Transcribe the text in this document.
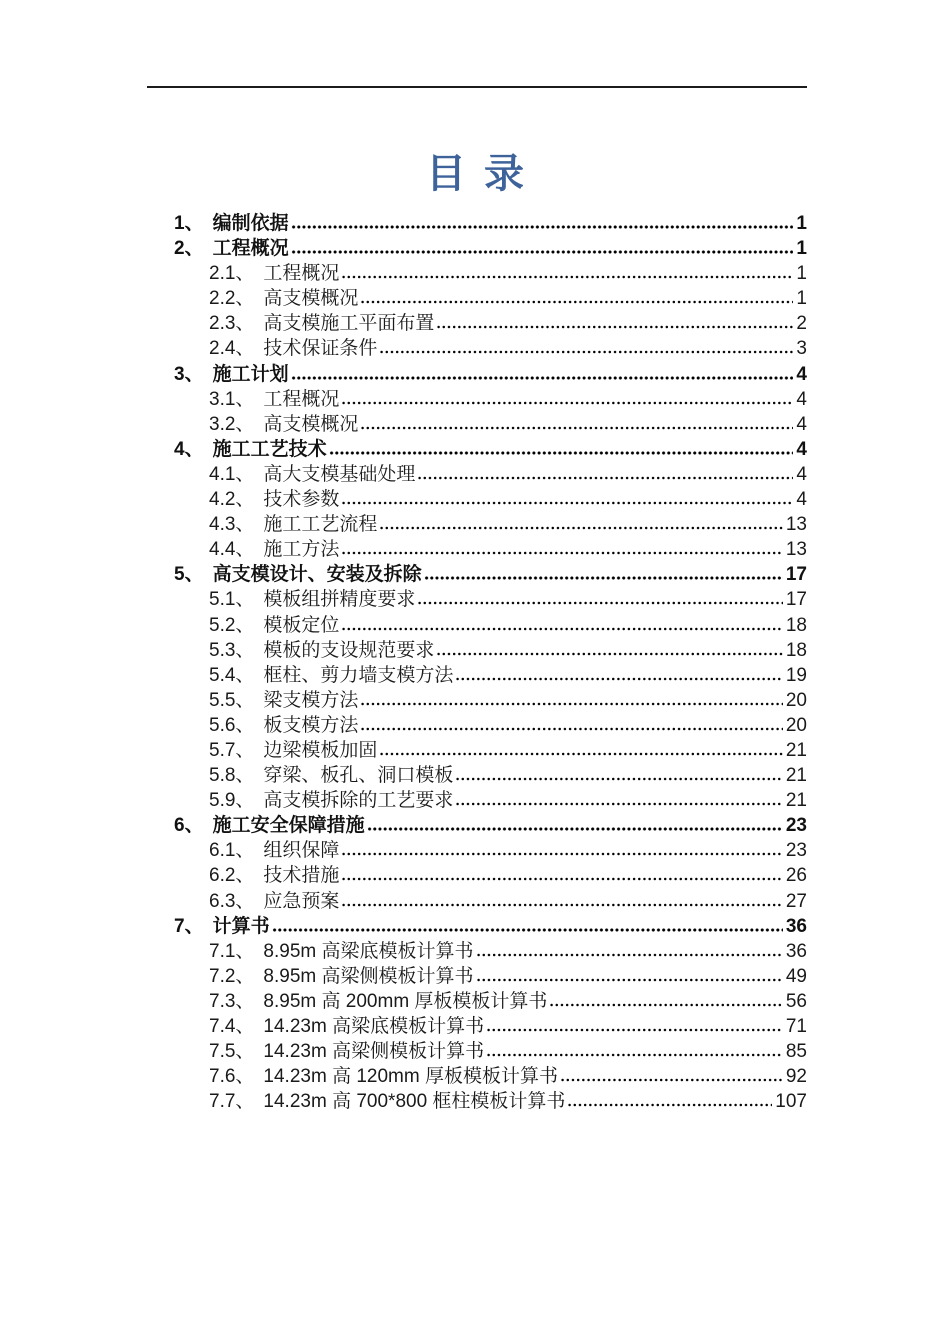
目 录
1、 编制依据	1
2、 工程概况	1
2.1、 工程概况	1
2.2、 高支模概况	1
2.3、 高支模施工平面布置	2
2.4、 技术保证条件	3
3、 施工计划	4
3.1、 工程概况	4
3.2、 高支模概况	4
4、 施工工艺技术	4
4.1、 高大支模基础处理	4
4.2、 技术参数	4
4.3、 施工工艺流程	13
4.4、 施工方法	13
5、 高支模设计、安装及拆除	17
5.1、 模板组拼精度要求	17
5.2、 模板定位	18
5.3、 模板的支设规范要求	18
5.4、 框柱、剪力墙支模方法	19
5.5、 梁支模方法	20
5.6、 板支模方法	20
5.7、 边梁模板加固	21
5.8、 穿梁、板孔、洞口模板	21
5.9、 高支模拆除的工艺要求	21
6、 施工安全保障措施	23
6.1、 组织保障	23
6.2、 技术措施	26
6.3、 应急预案	27
7、 计算书	36
7.1、 8.95m 高梁底模板计算书	36
7.2、 8.95m 高梁侧模板计算书	49
7.3、 8.95m 高 200mm 厚板模板计算书	56
7.4、 14.23m 高梁底模板计算书	71
7.5、 14.23m 高梁侧模板计算书	85
7.6、 14.23m 高 120mm 厚板模板计算书	92
7.7、 14.23m 高 700*800 框柱模板计算书	107
